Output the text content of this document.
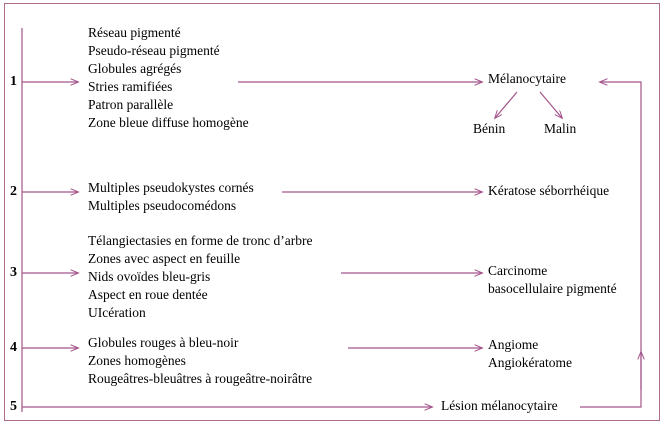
1
2
3
4
5
Réseau pigmenté
Pseudo-réseau pigmenté
Globules agrégés
Stries ramifiées
Patron parallèle
Zone bleue diffuse homogène
Mélanocytaire
Bénin	Malin
Multiples pseudokystes cornés
Multiples pseudocomédons
Kératose séborrhéique
Télangiectasies en forme de tronc d’arbre
Zones avec aspect en feuille
Nids ovoïdes bleu-gris
Aspect en roue dentée
UIcération
Carcinome
basocellulaire pigmenté
Globules rouges à bleu-noir
Zones homogènes
Rougeâtres-bleuâtres à rougeâtre-noirâtre
Angiome
Angiokératome
Lésion mélanocytaire
